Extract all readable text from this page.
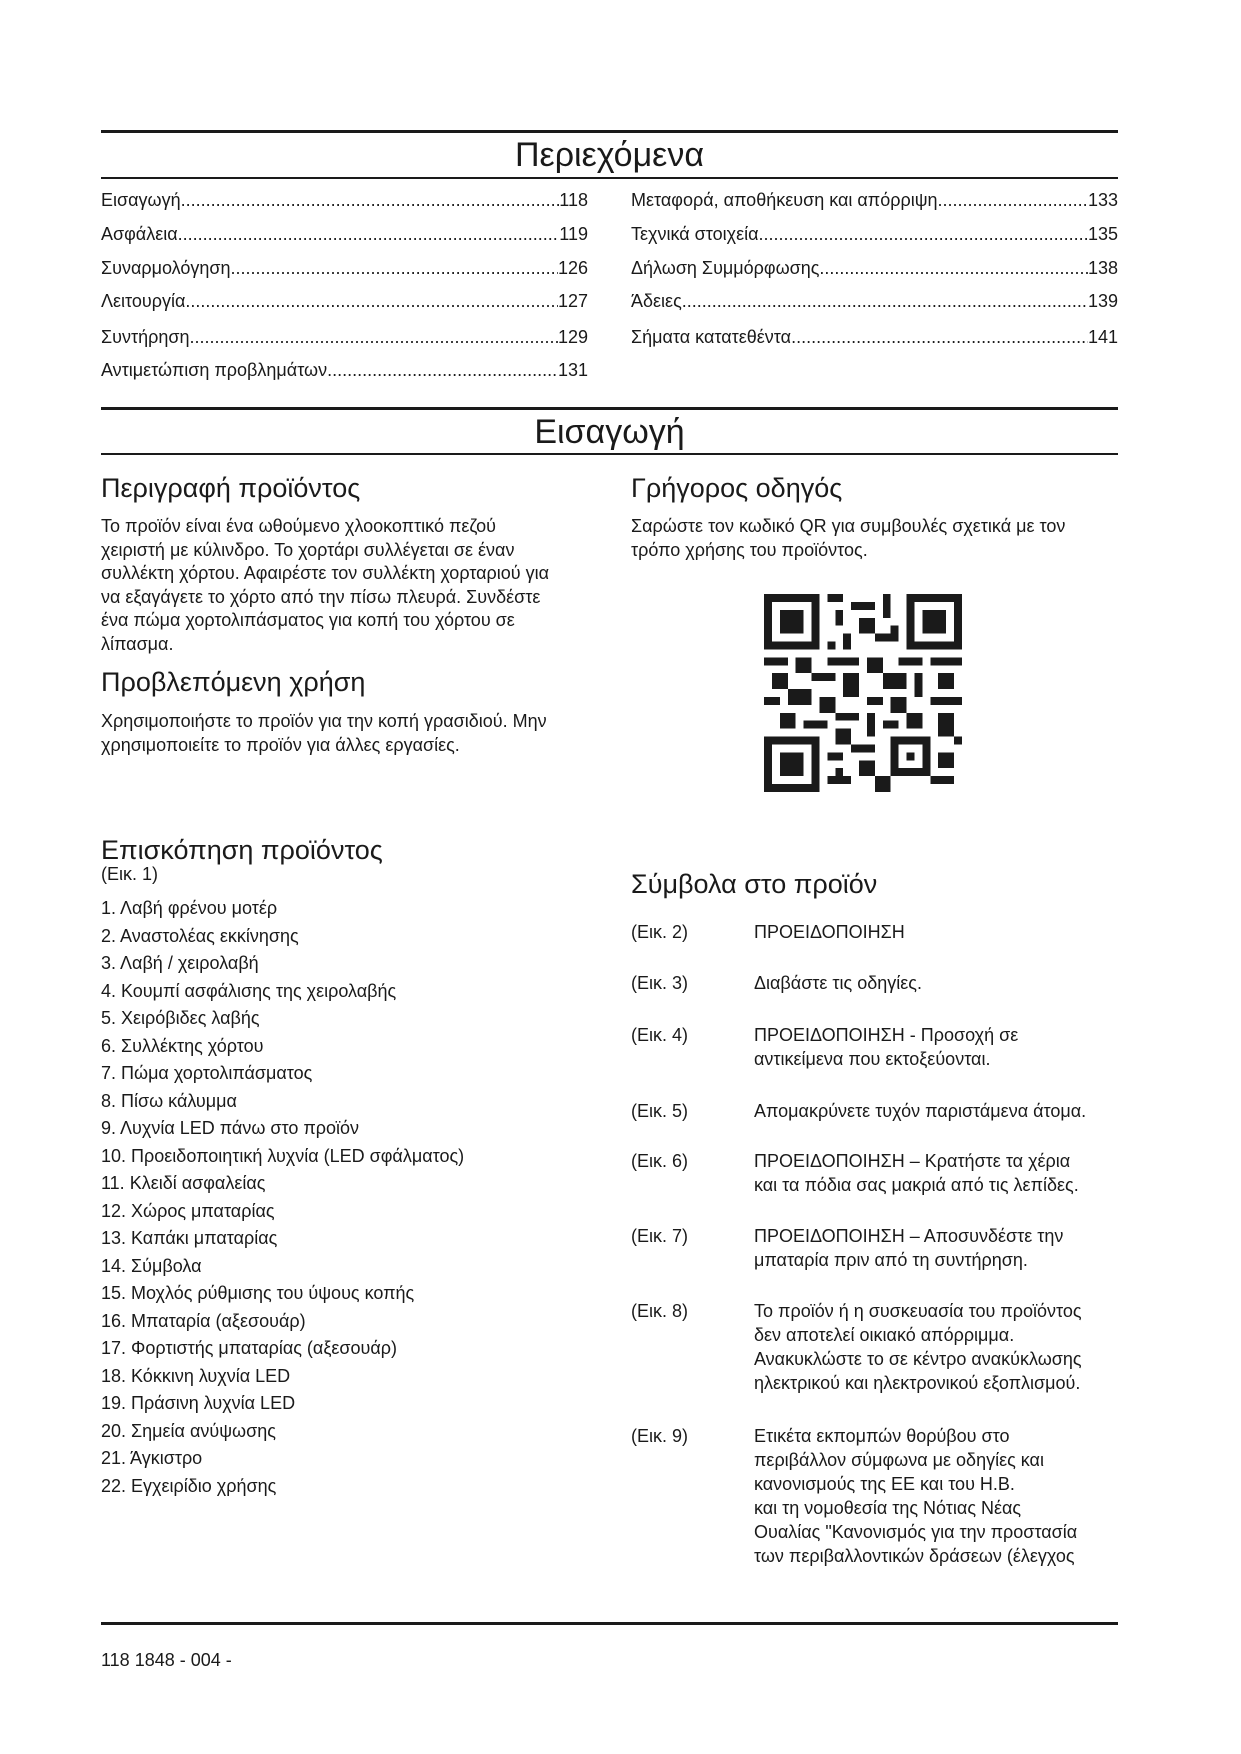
Περιεχόμενα
Εισαγωγή .....	118
Ασφάλεια .....	119
Συναρμολόγηση .....	126
Λειτουργία .....	127
Συντήρηση .....	129
Αντιμετώπιση προβλημάτων .....	131
Μεταφορά, αποθήκευση και απόρριψη .....	133
Τεχνικά στοιχεία .....	135
Δήλωση Συμμόρφωσης .....	138
Άδειες .....	139
Σήματα κατατεθέντα .....	141
Εισαγωγή
Περιγραφή προϊόντος
Το προϊόν είναι ένα ωθούμενο χλοοκοπτικό πεζού
χειριστή με κύλινδρο. Το χορτάρι συλλέγεται σε έναν
συλλέκτη χόρτου. Αφαιρέστε τον συλλέκτη χορταριού για
να εξαγάγετε το χόρτο από την πίσω πλευρά. Συνδέστε
ένα πώμα χορτολιπάσματος για κοπή του χόρτου σε
λίπασμα.
Προβλεπόμενη χρήση
Χρησιμοποιήστε το προϊόν για την κοπή γρασιδιού. Μην
χρησιμοποιείτε το προϊόν για άλλες εργασίες.
Επισκόπηση προϊόντος
(Εικ. 1)
1. Λαβή φρένου μοτέρ
2. Αναστολέας εκκίνησης
3. Λαβή / χειρολαβή
4. Κουμπί ασφάλισης της χειρολαβής
5. Χειρόβιδες λαβής
6. Συλλέκτης χόρτου
7. Πώμα χορτολιπάσματος
8. Πίσω κάλυμμα
9. Λυχνία LED πάνω στο προϊόν
10. Προειδοποιητική λυχνία (LED σφάλματος)
11. Κλειδί ασφαλείας
12. Χώρος μπαταρίας
13. Καπάκι μπαταρίας
14. Σύμβολα
15. Μοχλός ρύθμισης του ύψους κοπής
16. Μπαταρία (αξεσουάρ)
17. Φορτιστής μπαταρίας (αξεσουάρ)
18. Κόκκινη λυχνία LED
19. Πράσινη λυχνία LED
20. Σημεία ανύψωσης
21. Άγκιστρο
22. Εγχειρίδιο χρήσης
Γρήγορος οδηγός
Σαρώστε τον κωδικό QR για συμβουλές σχετικά με τον
τρόπο χρήσης του προϊόντος.
Σύμβολα στο προϊόν
(Εικ. 2)	ΠΡΟΕΙΔΟΠΟΙΗΣΗ
(Εικ. 3)	Διαβάστε τις οδηγίες.
(Εικ. 4)	ΠΡΟΕΙΔΟΠΟΙΗΣΗ - Προσοχή σε
αντικείμενα που εκτοξεύονται.
(Εικ. 5)	Απομακρύνετε τυχόν παριστάμενα άτομα.
(Εικ. 6)	ΠΡΟΕΙΔΟΠΟΙΗΣΗ – Κρατήστε τα χέρια
και τα πόδια σας μακριά από τις λεπίδες.
(Εικ. 7)	ΠΡΟΕΙΔΟΠΟΙΗΣΗ – Αποσυνδέστε την
μπαταρία πριν από τη συντήρηση.
(Εικ. 8)	Το προϊόν ή η συσκευασία του προϊόντος
δεν αποτελεί οικιακό απόρριμμα.
Ανακυκλώστε το σε κέντρο ανακύκλωσης
ηλεκτρικού και ηλεκτρονικού εξοπλισμού.
(Εικ. 9)	Ετικέτα εκπομπών θορύβου στο
περιβάλλον σύμφωνα με οδηγίες και
κανονισμούς της ΕΕ και του Η.Β.
και τη νομοθεσία της Νότιας Νέας
Ουαλίας "Κανονισμός για την προστασία
των περιβαλλοντικών δράσεων (έλεγχος
118 1848 - 004 -
